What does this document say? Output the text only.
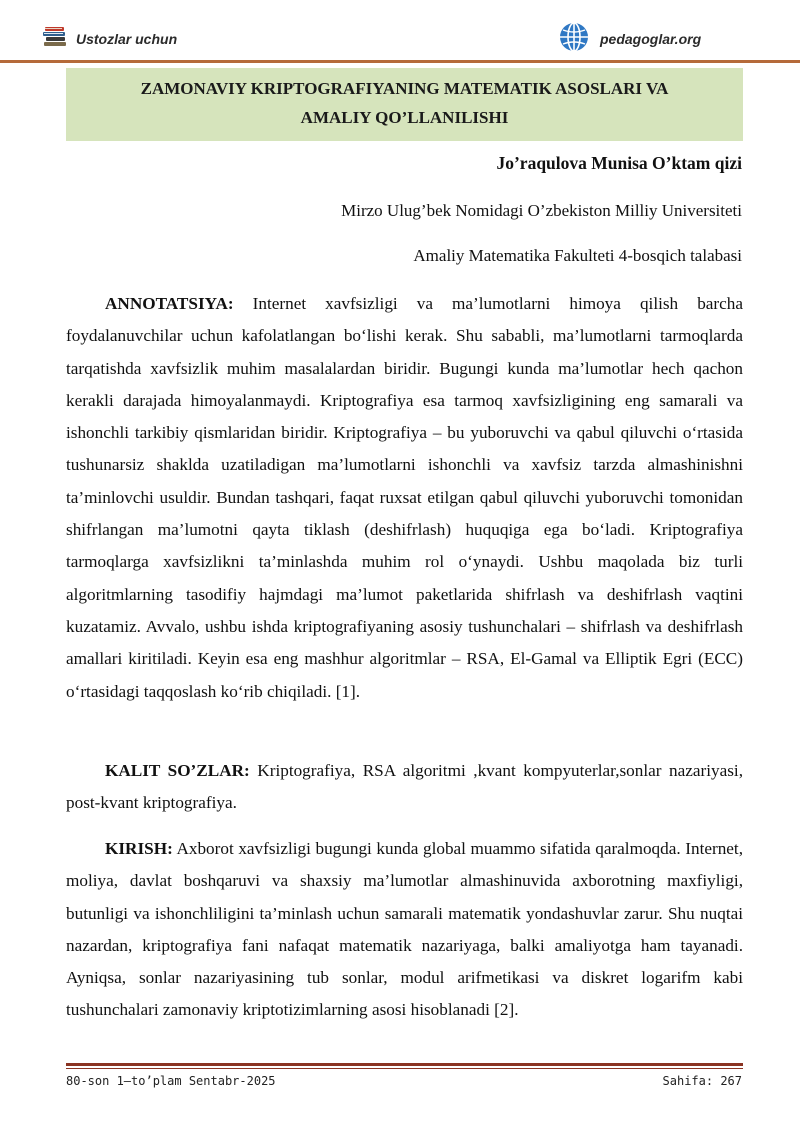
Ustozlar uchun	pedagoglar.org
ZAMONAVIY KRIPTOGRAFIYANING MATEMATIK ASOSLARI VA
AMALIY QO’LLANILISHI
Jo’raqulova Munisa O’ktam qizi
Mirzo Ulug’bek Nomidagi O’zbekiston Milliy Universiteti
Amaliy Matematika Fakulteti 4-bosqich talabasi
ANNOTATSIYA: Internet xavfsizligi va ma’lumotlarni himoya qilish barcha foydalanuvchilar uchun kafolatlangan bo‘lishi kerak. Shu sababli, ma’lumotlarni tarmoqlarda tarqatishda xavfsizlik muhim masalalardan biridir. Bugungi kunda ma’lumotlar hech qachon kerakli darajada himoyalanmaydi. Kriptografiya esa tarmoq xavfsizligining eng samarali va ishonchli tarkibiy qismlaridan biridir. Kriptografiya – bu yuboruvchi va qabul qiluvchi o‘rtasida tushunarsiz shaklda uzatiladigan ma’lumotlarni ishonchli va xavfsiz tarzda almashinishni ta’minlovchi usuldir. Bundan tashqari, faqat ruxsat etilgan qabul qiluvchi yuboruvchi tomonidan shifrlangan ma’lumotni qayta tiklash (deshifrlash) huquqiga ega bo‘ladi. Kriptografiya tarmoqlarga xavfsizlikni ta’minlashda muhim rol o‘ynaydi. Ushbu maqolada biz turli algoritmlarning tasodifiy hajmdagi ma’lumot paketlarida shifrlash va deshifrlash vaqtini kuzatamiz. Avvalo, ushbu ishda kriptografiyaning asosiy tushunchalari – shifrlash va deshifrlash amallari kiritiladi. Keyin esa eng mashhur algoritmlar – RSA, El-Gamal va Elliptik Egri (ECC) o‘rtasidagi taqqoslash ko‘rib chiqiladi. [1].
KALIT SO’ZLAR: Kriptografiya, RSA algoritmi ,kvant kompyuterlar,sonlar nazariyasi, post-kvant kriptografiya.
KIRISH: Axborot xavfsizligi bugungi kunda global muammo sifatida qaralmoqda. Internet, moliya, davlat boshqaruvi va shaxsiy ma’lumotlar almashinuvida axborotning maxfiyligi, butunligi va ishonchliligini ta’minlash uchun samarali matematik yondashuvlar zarur. Shu nuqtai nazardan, kriptografiya fani nafaqat matematik nazariyaga, balki amaliyotga ham tayanadi. Ayniqsa, sonlar nazariyasining tub sonlar, modul arifmetikasi va diskret logarifm kabi tushunchalari zamonaviy kriptotizimlarning asosi hisoblanadi [2].
80-son 1–to’plam Sentabr-2025	Sahifa: 267
